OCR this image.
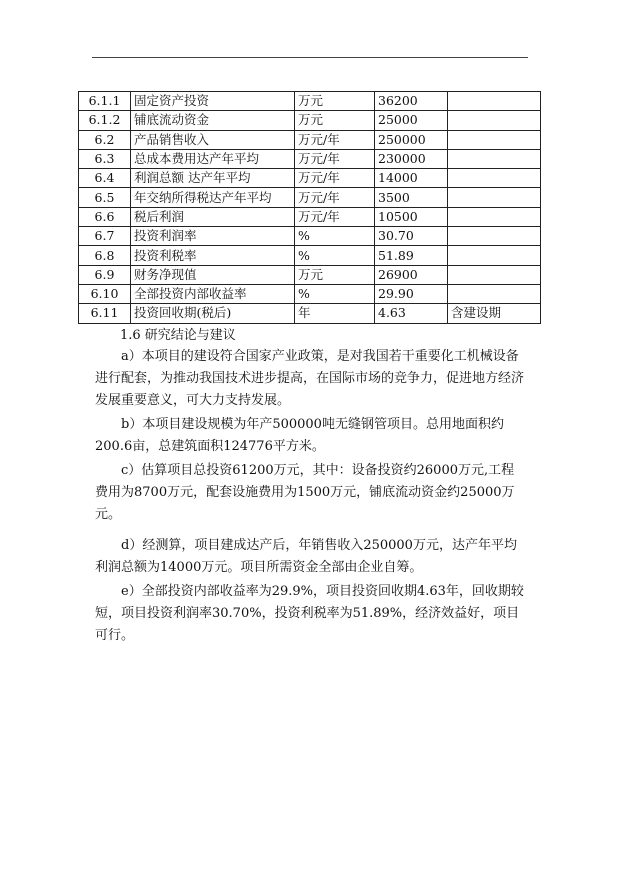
6.1.1	固定资产投资	万元	36200	
6.1.2	铺底流动资金	万元	25000	
6.2	产品销售收入	万元/年	250000	
6.3	总成本费用达产年平均	万元/年	230000	
6.4	利润总额 达产年平均	万元/年	14000	
6.5	年交纳所得税达产年平均	万元/年	3500	
6.6	税后利润	万元/年	10500	
6.7	投资利润率	%	30.70	
6.8	投资利税率	%	51.89	
6.9	财务净现值	万元	26900	
6.10	全部投资内部收益率	%	29.90	
6.11	投资回收期(税后)	年	4.63	含建设期
1.6 研究结论与建议

a）本项目的建设符合国家产业政策，是对我国若干重要化工机械设备进行配套，为推动我国技术进步提高，在国际市场的竞争力，促进地方经济发展重要意义，可大力支持发展。

b）本项目建设规模为年产500000吨无缝钢管项目。总用地面积约200.6亩，总建筑面积124776平方米。

c）估算项目总投资61200万元，其中：设备投资约26000万元,工程费用为8700万元，配套设施费用为1500万元，铺底流动资金约25000万元。

d）经测算，项目建成达产后，年销售收入250000万元，达产年平均利润总额为14000万元。项目所需资金全部由企业自筹。

e）全部投资内部收益率为29.9%，项目投资回收期4.63年，回收期较短，项目投资利润率30.70%，投资利税率为51.89%，经济效益好，项目可行。
